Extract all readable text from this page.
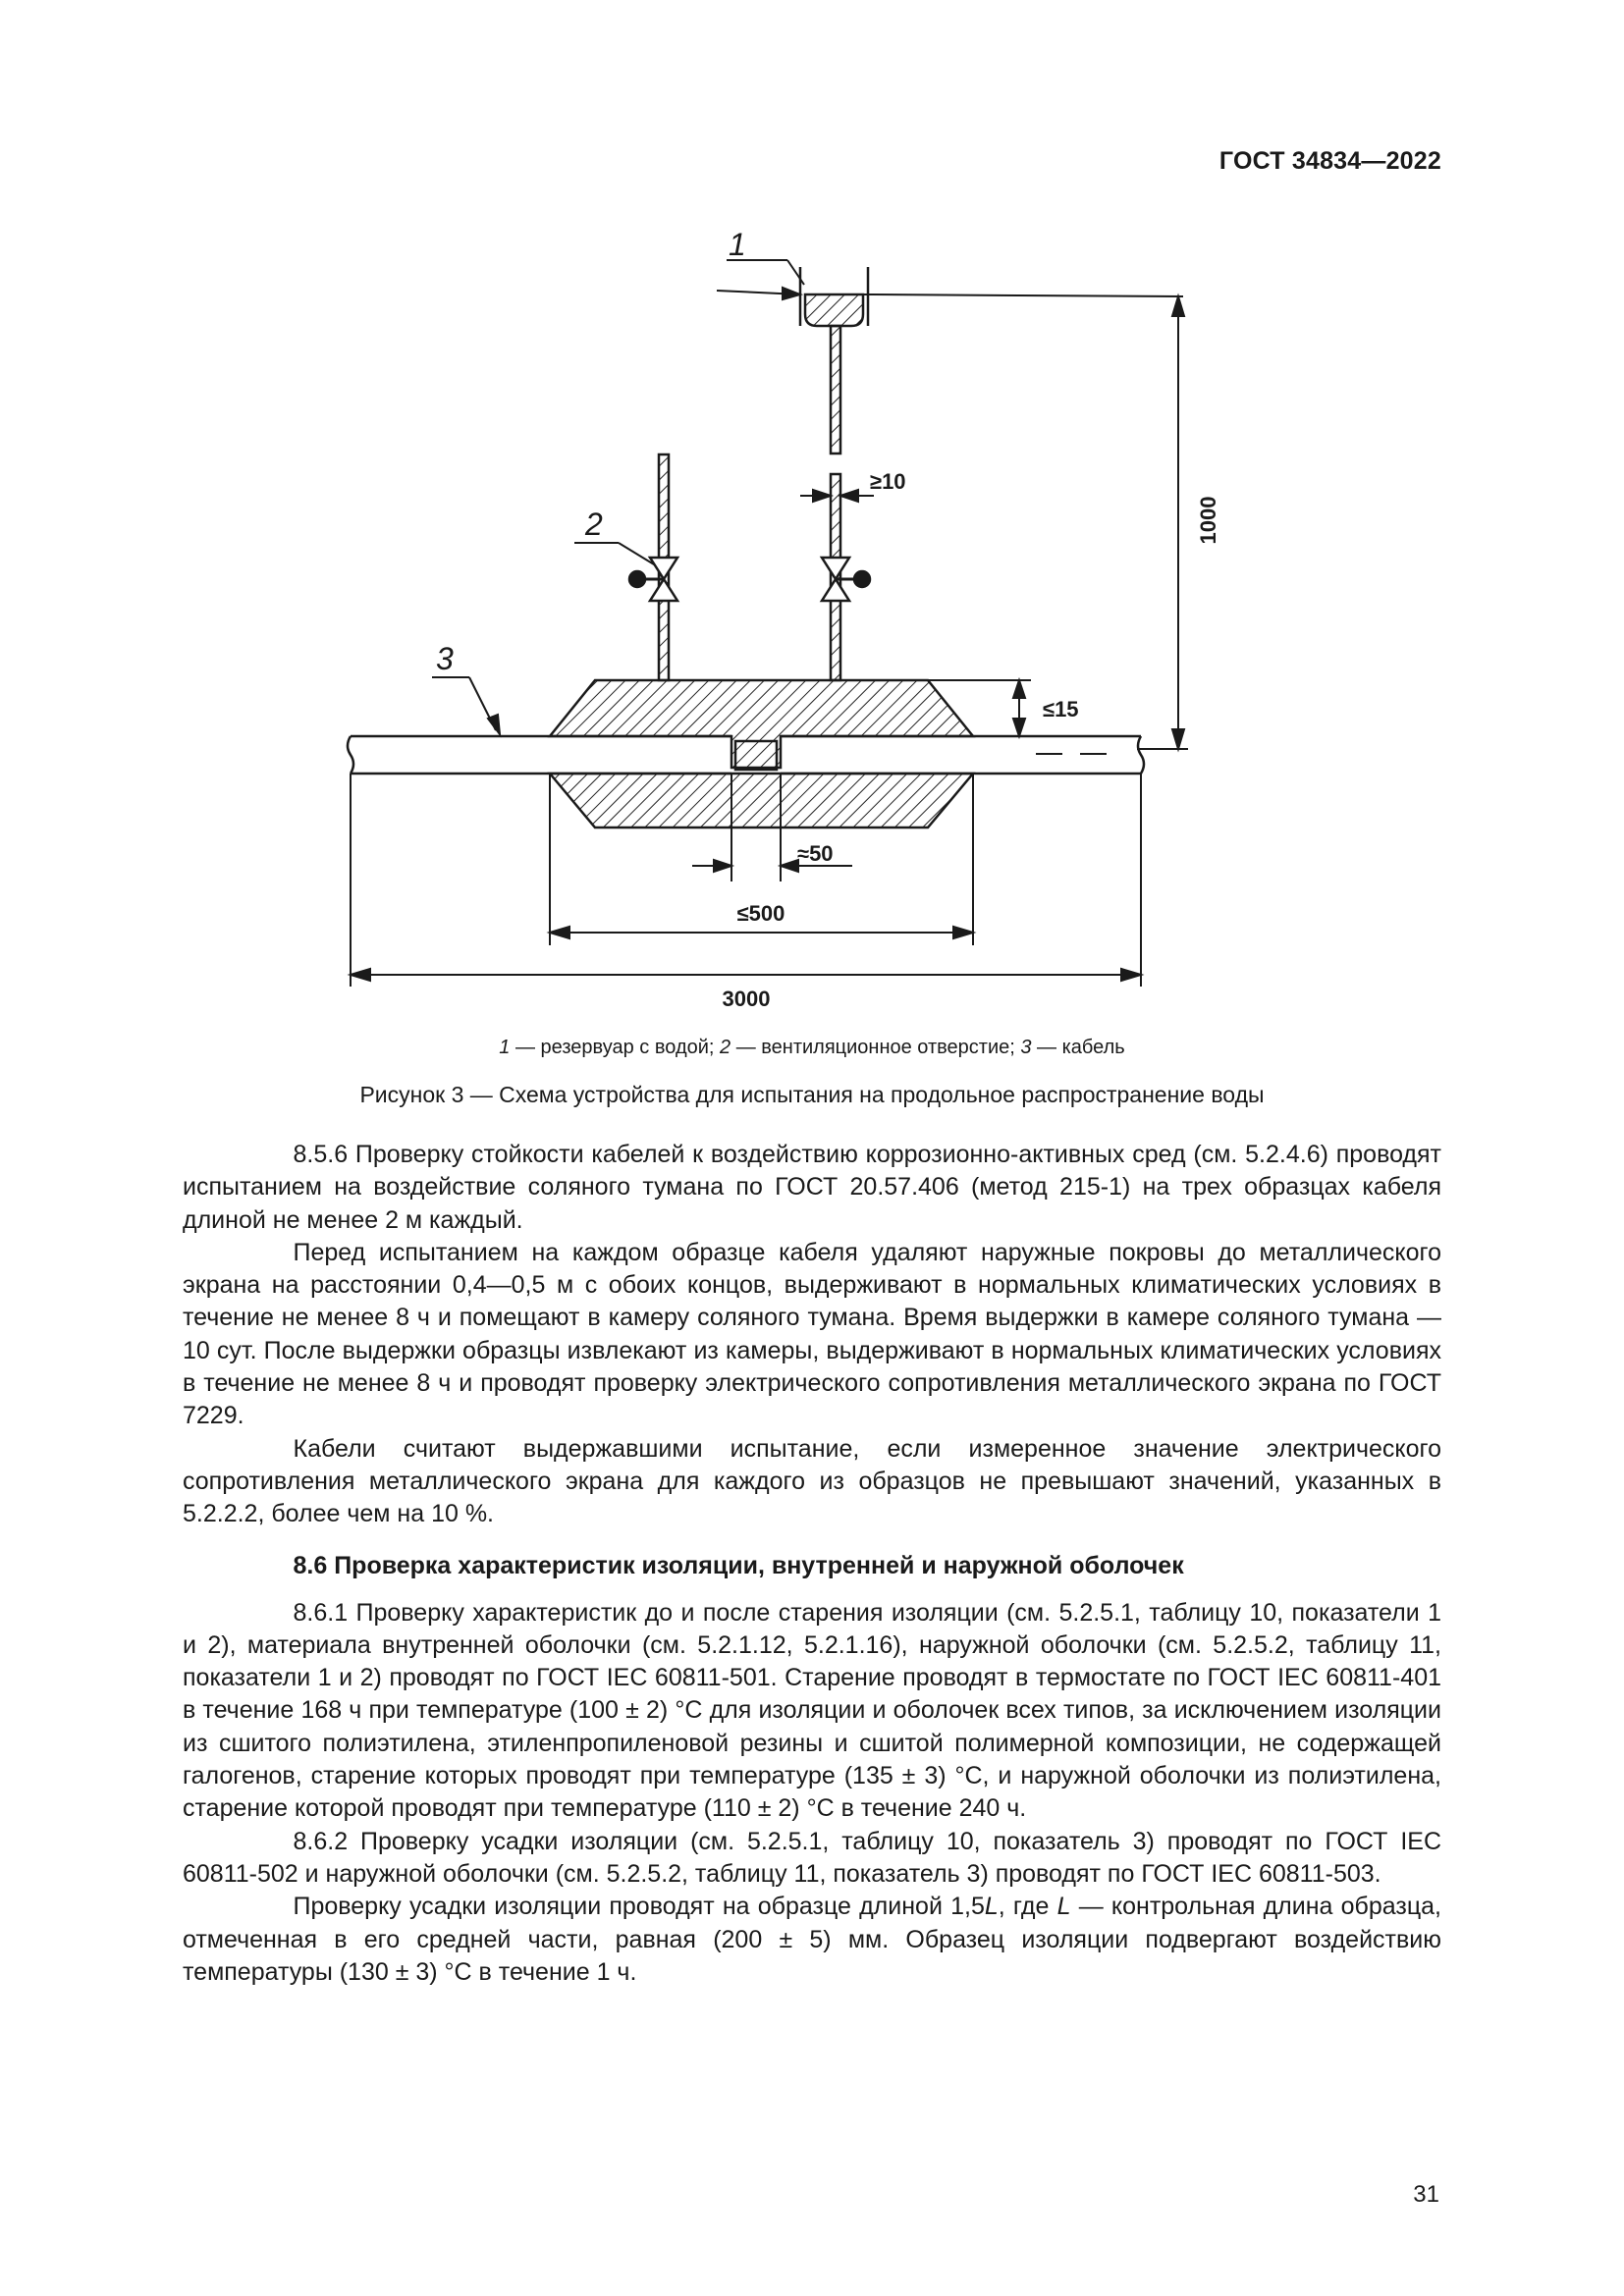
ГОСТ 34834—2022
1
2
3
1000
≥10
≤15
≈50
≤500
3000
1 — резервуар с водой; 2 — вентиляционное отверстие; 3 — кабель
Рисунок 3 — Схема устройства для испытания на продольное распространение воды

8.5.6 Проверку стойкости кабелей к воздействию коррозионно-активных сред (см. 5.2.4.6) проводят испытанием на воздействие соляного тумана по ГОСТ 20.57.406 (метод 215-1) на трех образцах кабеля длиной не менее 2 м каждый.

Перед испытанием на каждом образце кабеля удаляют наружные покровы до металлического экрана на расстоянии 0,4—0,5 м с обоих концов, выдерживают в нормальных климатических условиях в течение не менее 8 ч и помещают в камеру соляного тумана. Время выдержки в камере соляного тумана — 10 сут. После выдержки образцы извлекают из камеры, выдерживают в нормальных климатических условиях в течение не менее 8 ч и проводят проверку электрического сопротивления металлического экрана по ГОСТ 7229.

Кабели считают выдержавшими испытание, если измеренное значение электрического сопротивления металлического экрана для каждого из образцов не превышают значений, указанных в 5.2.2.2, более чем на 10 %.

8.6 Проверка характеристик изоляции, внутренней и наружной оболочек

8.6.1 Проверку характеристик до и после старения изоляции (см. 5.2.5.1, таблицу 10, показатели 1 и 2), материала внутренней оболочки (см. 5.2.1.12, 5.2.1.16), наружной оболочки (см. 5.2.5.2, таблицу 11, показатели 1 и 2) проводят по ГОСТ IEC 60811-501. Старение проводят в термостате по ГОСТ IEC 60811-401 в течение 168 ч при температуре (100 ± 2) °С для изоляции и оболочек всех типов, за исключением изоляции из сшитого полиэтилена, этиленпропиленовой резины и сшитой полимерной композиции, не содержащей галогенов, старение которых проводят при температуре (135 ± 3) °С, и наружной оболочки из полиэтилена, старение которой проводят при температуре (110 ± 2) °С в течение 240 ч.

8.6.2 Проверку усадки изоляции (см. 5.2.5.1, таблицу 10, показатель 3) проводят по ГОСТ IEC 60811-502 и наружной оболочки (см. 5.2.5.2, таблицу 11, показатель 3) проводят по ГОСТ IEC 60811-503.

Проверку усадки изоляции проводят на образце длиной 1,5L, где L — контрольная длина образца, отмеченная в его средней части, равная (200 ± 5) мм. Образец изоляции подвергают воздействию температуры (130 ± 3) °С в течение 1 ч.

31
